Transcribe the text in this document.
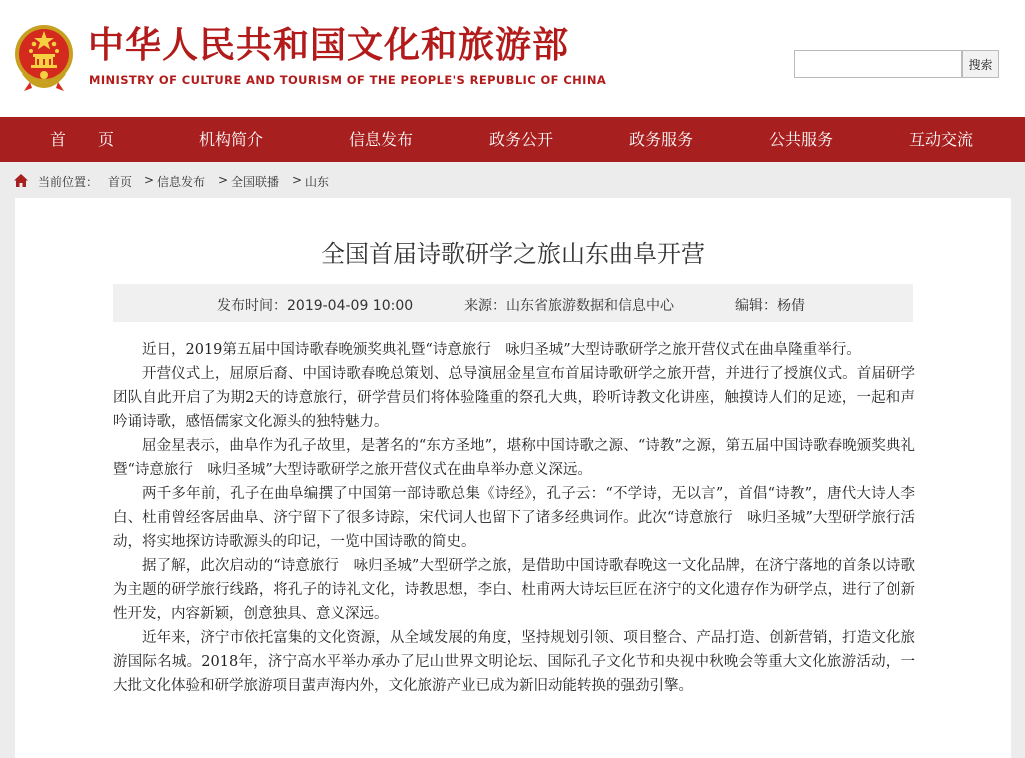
中华人民共和国文化和旅游部
MINISTRY OF CULTURE AND TOURISM OF THE PEOPLE'S REPUBLIC OF CHINA
搜索
首　　页	机构简介	信息发布	政务公开	政务服务	公共服务	互动交流
当前位置： 首页 > 信息发布 > 全国联播 > 山东
全国首届诗歌研学之旅山东曲阜开营
发布时间：2019-04-09 10:00	来源：山东省旅游数据和信息中心	编辑：杨倩

近日，2019第五届中国诗歌春晚颁奖典礼暨“诗意旅行　咏归圣城”大型诗歌研学之旅开营仪式在曲阜隆重举行。

开营仪式上，屈原后裔、中国诗歌春晚总策划、总导演屈金星宣布首届诗歌研学之旅开营，并进行了授旗仪式。首届研学团队自此开启了为期2天的诗意旅行，研学营员们将体验隆重的祭孔大典，聆听诗教文化讲座，触摸诗人们的足迹，一起和声吟诵诗歌，感悟儒家文化源头的独特魅力。

屈金星表示，曲阜作为孔子故里，是著名的“东方圣地”，堪称中国诗歌之源、“诗教”之源，第五届中国诗歌春晚颁奖典礼暨“诗意旅行　咏归圣城”大型诗歌研学之旅开营仪式在曲阜举办意义深远。

两千多年前，孔子在曲阜编撰了中国第一部诗歌总集《诗经》，孔子云：“不学诗，无以言”，首倡“诗教”，唐代大诗人李白、杜甫曾经客居曲阜、济宁留下了很多诗踪，宋代词人也留下了诸多经典词作。此次“诗意旅行　咏归圣城”大型研学旅行活动，将实地探访诗歌源头的印记，一览中国诗歌的简史。

据了解，此次启动的“诗意旅行　咏归圣城”大型研学之旅，是借助中国诗歌春晚这一文化品牌，在济宁落地的首条以诗歌为主题的研学旅行线路，将孔子的诗礼文化，诗教思想，李白、杜甫两大诗坛巨匠在济宁的文化遗存作为研学点，进行了创新性开发，内容新颖，创意独具、意义深远。

近年来，济宁市依托富集的文化资源，从全域发展的角度，坚持规划引领、项目整合、产品打造、创新营销，打造文化旅游国际名城。2018年，济宁高水平举办承办了尼山世界文明论坛、国际孔子文化节和央视中秋晚会等重大文化旅游活动，一大批文化体验和研学旅游项目蜚声海内外，文化旅游产业已成为新旧动能转换的强劲引擎。
